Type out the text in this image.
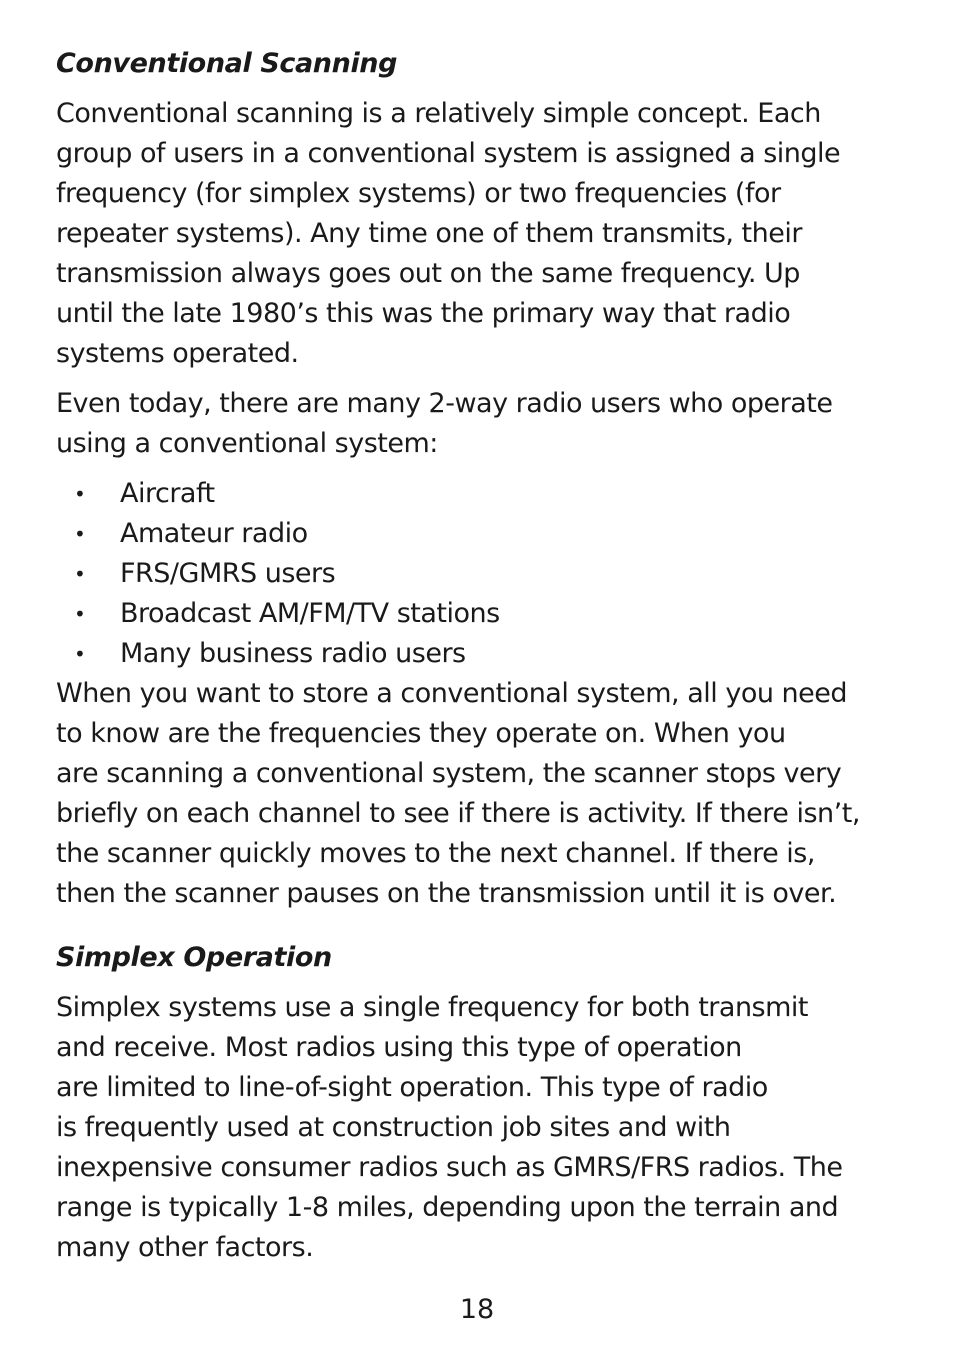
Conventional Scanning

Conventional scanning is a relatively simple concept. Each
group of users in a conventional system is assigned a single
frequency (for simplex systems) or two frequencies (for
repeater systems). Any time one of them transmits, their
transmission always goes out on the same frequency. Up
until the late 1980’s this was the primary way that radio
systems operated.

Even today, there are many 2-way radio users who operate
using a conventional system:

• Aircraft
• Amateur radio
• FRS/GMRS users
• Broadcast AM/FM/TV stations
• Many business radio users

When you want to store a conventional system, all you need
to know are the frequencies they operate on. When you
are scanning a conventional system, the scanner stops very
briefly on each channel to see if there is activity. If there isn’t,
the scanner quickly moves to the next channel. If there is,
then the scanner pauses on the transmission until it is over.

Simplex Operation

Simplex systems use a single frequency for both transmit
and receive. Most radios using this type of operation
are limited to line-of-sight operation. This type of radio
is frequently used at construction job sites and with
inexpensive consumer radios such as GMRS/FRS radios. The
range is typically 1-8 miles, depending upon the terrain and
many other factors.

18
